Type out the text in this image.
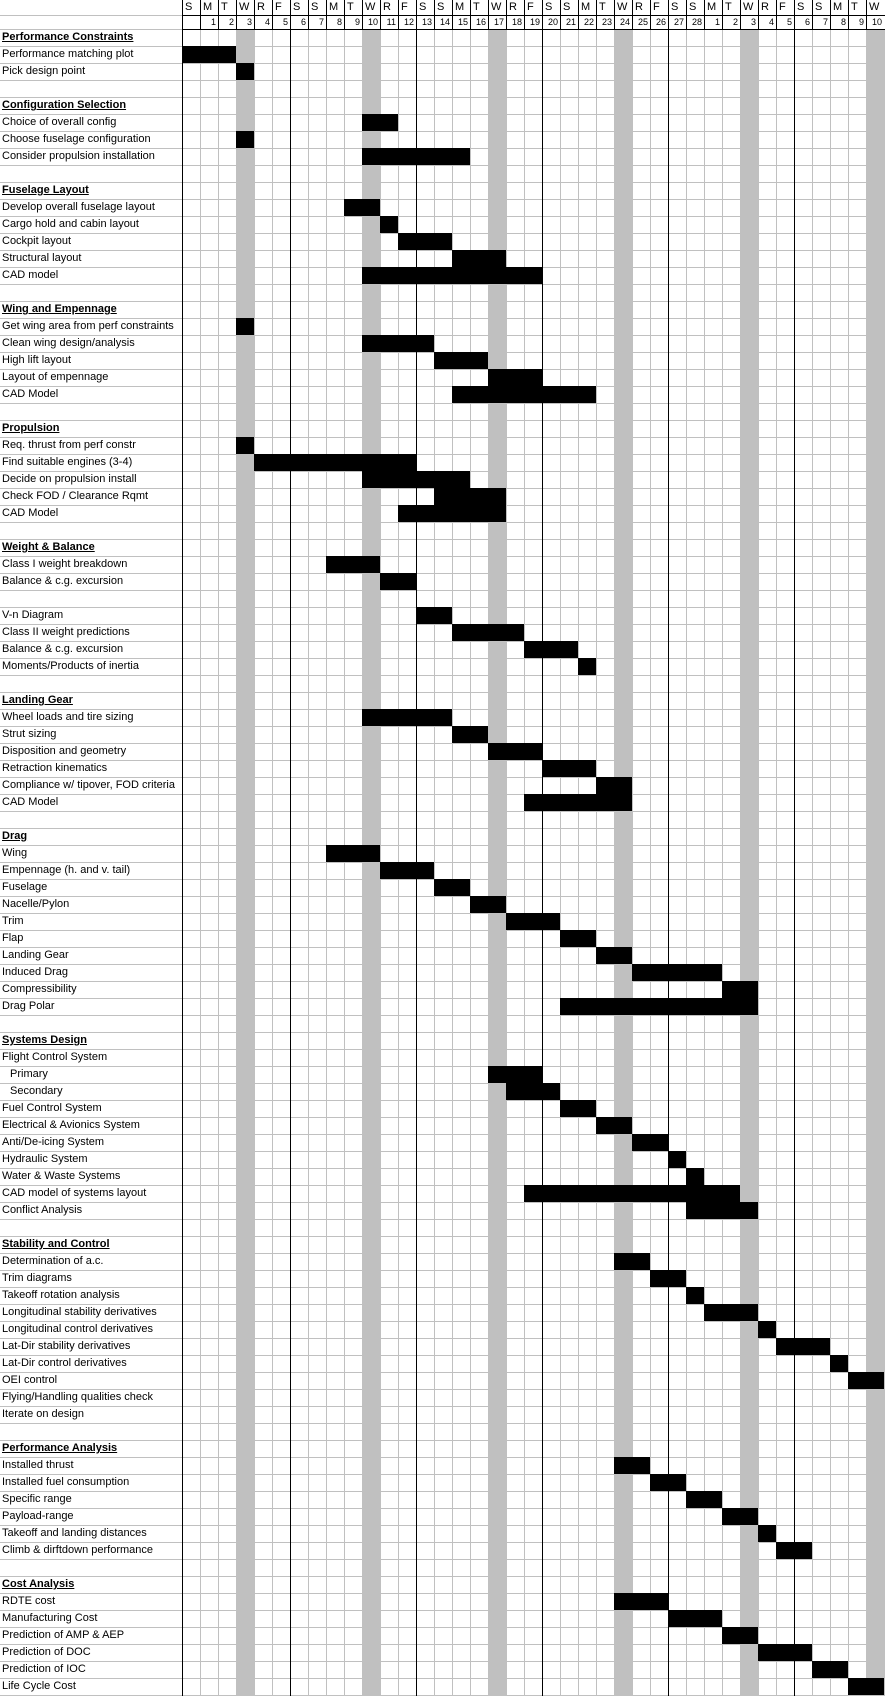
S M
1
T
2
W
3
R
4
F
5
S
6
S
7
M
8
T
9
W
10
R
11
F
12
S
13
S
14
M
15
T
16
W
17
R
18
F
19
S
20
S
21
M
22
T
23
W
24
R
25
F
26
S
27
S
28
M
1
T
2
W
3
R
4
F
5
S
6
S
7
M
8
T
9
W
10
Performance Constraints
Performance matching plot
Pick design point
Configuration Selection
Choice of overall config
Choose fuselage configuration
Consider propulsion installation
Fuselage Layout
Develop overall fuselage layout
Cargo hold and cabin layout
Cockpit layout
Structural layout
CAD model
Wing and Empennage
Get wing area from perf constraints
Clean wing design/analysis
High lift layout
Layout of empennage
CAD Model
Propulsion
Req. thrust from perf constr
Find suitable engines (3-4)
Decide on propulsion install
Check FOD / Clearance Rqmt
CAD Model
Weight & Balance
Class I weight breakdown
Balance & c.g. excursion
V-n Diagram
Class II weight predictions
Balance & c.g. excursion
Moments/Products of inertia
Landing Gear
Wheel loads and tire sizing
Strut sizing
Disposition and geometry
Retraction kinematics
Compliance w/ tipover, FOD criteria
CAD Model
Drag
Wing
Empennage (h. and v. tail)
Fuselage
Nacelle/Pylon
Trim
Flap
Landing Gear
Induced Drag
Compressibility
Drag Polar
Systems Design
Flight Control System
Primary
Secondary
Fuel Control System
Electrical & Avionics System
Anti/De-icing System
Hydraulic System
Water & Waste Systems
CAD model of systems layout
Conflict Analysis
Stability and Control
Determination of a.c.
Trim diagrams
Takeoff rotation analysis
Longitudinal stability derivatives
Longitudinal control derivatives
Lat-Dir stability derivatives
Lat-Dir control derivatives
OEI control
Flying/Handling qualities check
Iterate on design
Performance Analysis
Installed thrust
Installed fuel consumption
Specific range
Payload-range
Takeoff and landing distances
Climb & dirftdown performance
Cost Analysis
RDTE cost
Manufacturing Cost
Prediction of AMP & AEP
Prediction of DOC
Prediction of IOC
Life Cycle Cost
